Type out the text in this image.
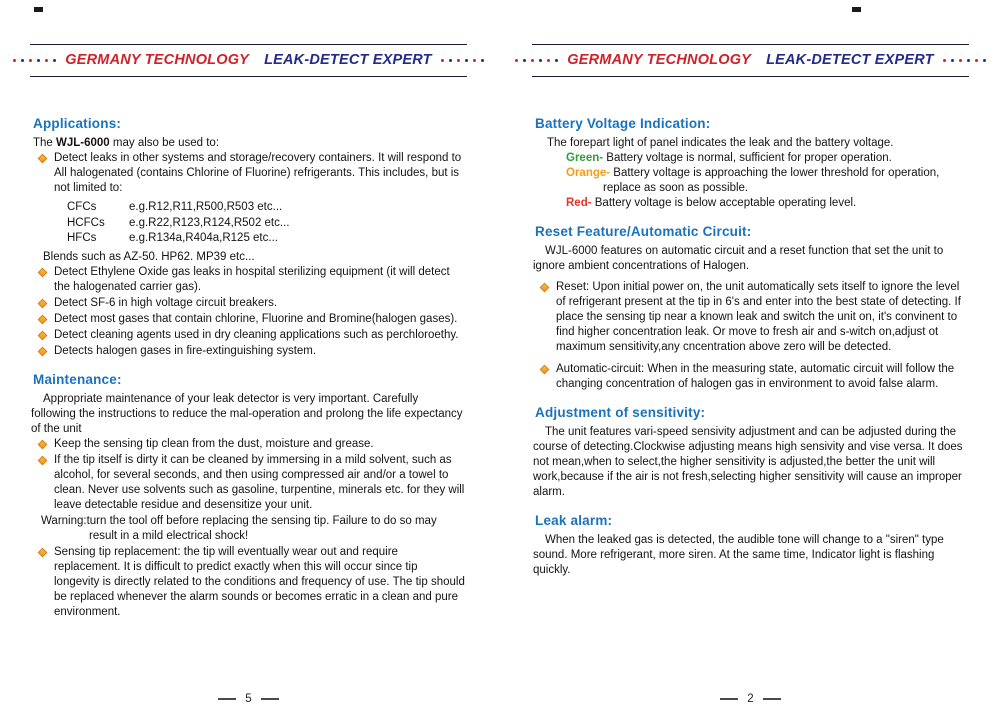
GERMANY TECHNOLOGY LEAK-DETECT EXPERT
Applications:

The WJL-6000 may also be used to:

Detect leaks in other systems and storage/recovery containers. It will respond to All halogenated (contains Chlorine of Fluorine) refrigerants. This includes, but is not limited to:

CFCs	e.g.R12,R11,R500,R503 etc...
HCFCs	e.g.R22,R123,R124,R502 etc...
HFCs	e.g.R134a,R404a,R125 etc...

Blends such as AZ-50. HP62. MP39 etc...

Detect Ethylene Oxide gas leaks in hospital sterilizing equipment (it will detect the halogenated carrier gas).

Detect SF-6 in high voltage circuit breakers.

Detect most gases that contain chlorine, Fluorine and Bromine(halogen gases).

Detect cleaning agents used in dry cleaning applications such as perchloroethy.

Detects halogen gases in fire-extinguishing system.

Maintenance:

Appropriate maintenance of your leak detector is very important. Carefully following the instructions to reduce the mal-operation and prolong the life expectancy of the unit

Keep the sensing tip clean from the dust, moisture and grease.

If the tip itself is dirty it can be cleaned by immersing in a mild solvent, such as alcohol, for several seconds, and then using compressed air and/or a towel to clean. Never use solvents such as gasoline, turpentine, minerals etc. for they will leave detectable residue and desensitize your unit.

Warning:turn the tool off before replacing the sensing tip. Failure to do so may

result in a mild electrical shock!

Sensing tip replacement: the tip will eventually wear out and require replacement. It is difficult to predict exactly when this will occur since tip longevity is directly related to the conditions and frequency of use. The tip should be replaced whenever the alarm sounds or becomes erratic in a clean and pure environment.

5
GERMANY TECHNOLOGY LEAK-DETECT EXPERT
Battery Voltage Indication:

The forepart light of panel indicates the leak and the battery voltage.

Green- Battery voltage is normal, sufficient for proper operation.

Orange- Battery voltage is approaching the lower threshold for operation, replace as soon as possible.

Red- Battery voltage is below acceptable operating level.

Reset Feature/Automatic Circuit:

WJL-6000 features on automatic circuit and a reset function that set the unit to ignore ambient concentrations of Halogen.

Reset: Upon initial power on, the unit automatically sets itself to ignore the level of refrigerant present at the tip in 6's and enter into the best state of detecting. If place the sensing tip near a known leak and switch the unit on, it's convinent to find higher concentration leak. Or move to fresh air and s-witch on,adjust ot maximum sensitivity,any cncentration above zero will be detected.

Automatic-circuit: When in the measuring state, automatic circuit will follow the changing concentration of halogen gas in environment to avoid false alarm.

Adjustment of sensitivity:

The unit features vari-speed sensivity adjustment and can be adjusted during the course of detecting.Clockwise adjusting means high sensivity and vise versa. It does not mean,when to select,the higher sensitivity is adjusted,the better the unit will work,because if the air is not fresh,selecting higher sensitivity will cause an improper alarm.

Leak alarm:

When the leaked gas is detected, the audible tone will change to a "siren" type sound. More refrigerant, more siren. At the same time, Indicator light is flashing quickly.

2
